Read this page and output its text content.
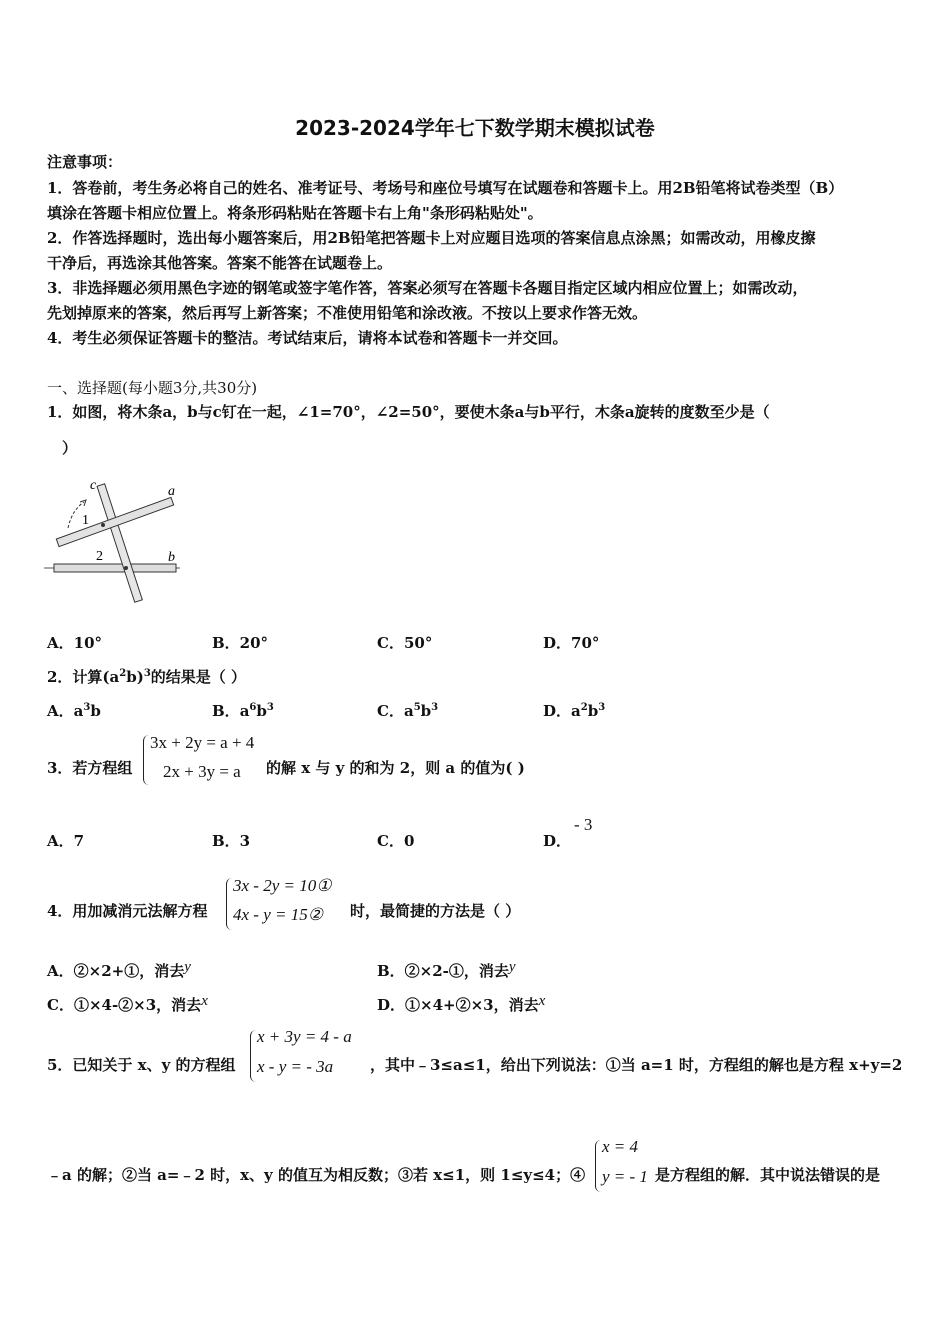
2023-2024学年七下数学期末模拟试卷
注意事项：
1．答卷前，考生务必将自己的姓名、准考证号、考场号和座位号填写在试题卷和答题卡上。用2B铅笔将试卷类型（B）
填涂在答题卡相应位置上。将条形码粘贴在答题卡右上角"条形码粘贴处"。
2．作答选择题时，选出每小题答案后，用2B铅笔把答题卡上对应题目选项的答案信息点涂黑；如需改动，用橡皮擦
干净后，再选涂其他答案。答案不能答在试题卷上。
3．非选择题必须用黑色字迹的钢笔或签字笔作答，答案必须写在答题卡各题目指定区域内相应位置上；如需改动，
先划掉原来的答案，然后再写上新答案；不准使用铅笔和涂改液。不按以上要求作答无效。
4．考生必须保证答题卡的整洁。考试结束后，请将本试卷和答题卡一并交回。
一、选择题(每小题3分,共30分)
1．如图，将木条a，b与c钉在一起，∠1=70°，∠2=50°，要使木条a与b平行，木条a旋转的度数至少是（
）
c	a
b
1
2
A．10°	B．20°	C．50°	D．70°
2．计算$(a^2b)^3$的结果是（ ）
A．$a^3b$	B．$a^6b^3$	C．$a^5b^3$	D．$a^2b^3$
3．若方程组
3x + 2y = a + 4
2x + 3y = a 的解 x 与 y 的和为 2，则 a 的值为( )
A．7	B．3	C．0	D．
- 3
4．用加减消元法解方程
3x - 2y = 10①
4x - y = 15② 时，最简捷的方法是（ ）
A．②×2+①，消去y	B．②×2-①，消去y
C．①×4-②×3，消去x	D．①×4+②×3，消去x
5．已知关于 x、y 的方程组
x + 3y = 4 - a
x - y = - 3a ，其中﹣3≤a≤1，给出下列说法：①当 a=1 时，方程组的解也是方程 x+y=2
﹣a 的解；②当 a=﹣2 时，x、y 的值互为相反数；③若 x≤1，则 1≤y≤4；④
x = 4
y = - 1 是方程组的解．其中说法错误的是
